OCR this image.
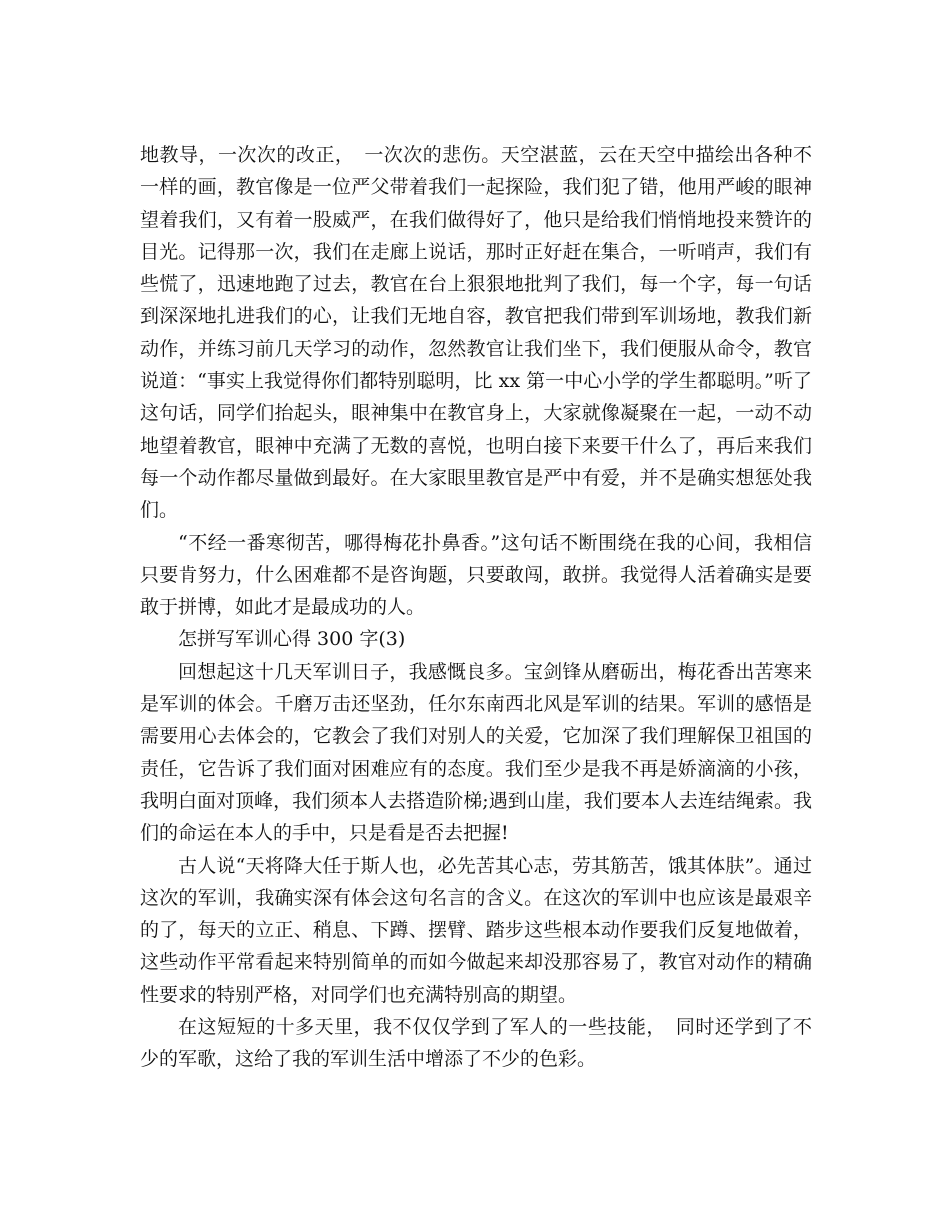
地教导，一次次的改正，　一次次的悲伤。天空湛蓝，云在天空中描绘出各种不一样的画，教官像是一位严父带着我们一起探险，我们犯了错，他用严峻的眼神望着我们，又有着一股威严，在我们做得好了，他只是给我们悄悄地投来赞许的目光。记得那一次，我们在走廊上说话，那时正好赶在集合，一听哨声，我们有些慌了，迅速地跑了过去，教官在台上狠狠地批判了我们，每一个字，每一句话到深深地扎进我们的心，让我们无地自容，教官把我们带到军训场地，教我们新动作，并练习前几天学习的动作，忽然教官让我们坐下，我们便服从命令，教官说道：“事实上我觉得你们都特别聪明，比 xx 第一中心小学的学生都聪明。”听了这句话，同学们抬起头，眼神集中在教官身上，大家就像凝聚在一起，一动不动地望着教官，眼神中充满了无数的喜悦，也明白接下来要干什么了，再后来我们每一个动作都尽量做到最好。在大家眼里教官是严中有爱，并不是确实想惩处我们。

“不经一番寒彻苦，哪得梅花扑鼻香。”这句话不断围绕在我的心间，我相信只要肯努力，什么困难都不是咨询题，只要敢闯，敢拼。我觉得人活着确实是要敢于拼博，如此才是最成功的人。

怎拼写军训心得 300 字(3)

回想起这十几天军训日子，我感慨良多。宝剑锋从磨砺出，梅花香出苦寒来是军训的体会。千磨万击还坚劲，任尔东南西北风是军训的结果。军训的感悟是需要用心去体会的，它教会了我们对别人的关爱，它加深了我们理解保卫祖国的责任，它告诉了我们面对困难应有的态度。我们至少是我不再是娇滴滴的小孩，我明白面对顶峰，我们须本人去搭造阶梯;遇到山崖，我们要本人去连结绳索。我们的命运在本人的手中，只是看是否去把握!

古人说“天将降大任于斯人也，必先苦其心志，劳其筋苦，饿其体肤”。通过这次的军训，我确实深有体会这句名言的含义。在这次的军训中也应该是最艰辛的了，每天的立正、稍息、下蹲、摆臂、踏步这些根本动作要我们反复地做着，这些动作平常看起来特别简单的而如今做起来却没那容易了，教官对动作的精确性要求的特别严格，对同学们也充满特别高的期望。

在这短短的十多天里，我不仅仅学到了军人的一些技能，　同时还学到了不少的军歌，这给了我的军训生活中增添了不少的色彩。
